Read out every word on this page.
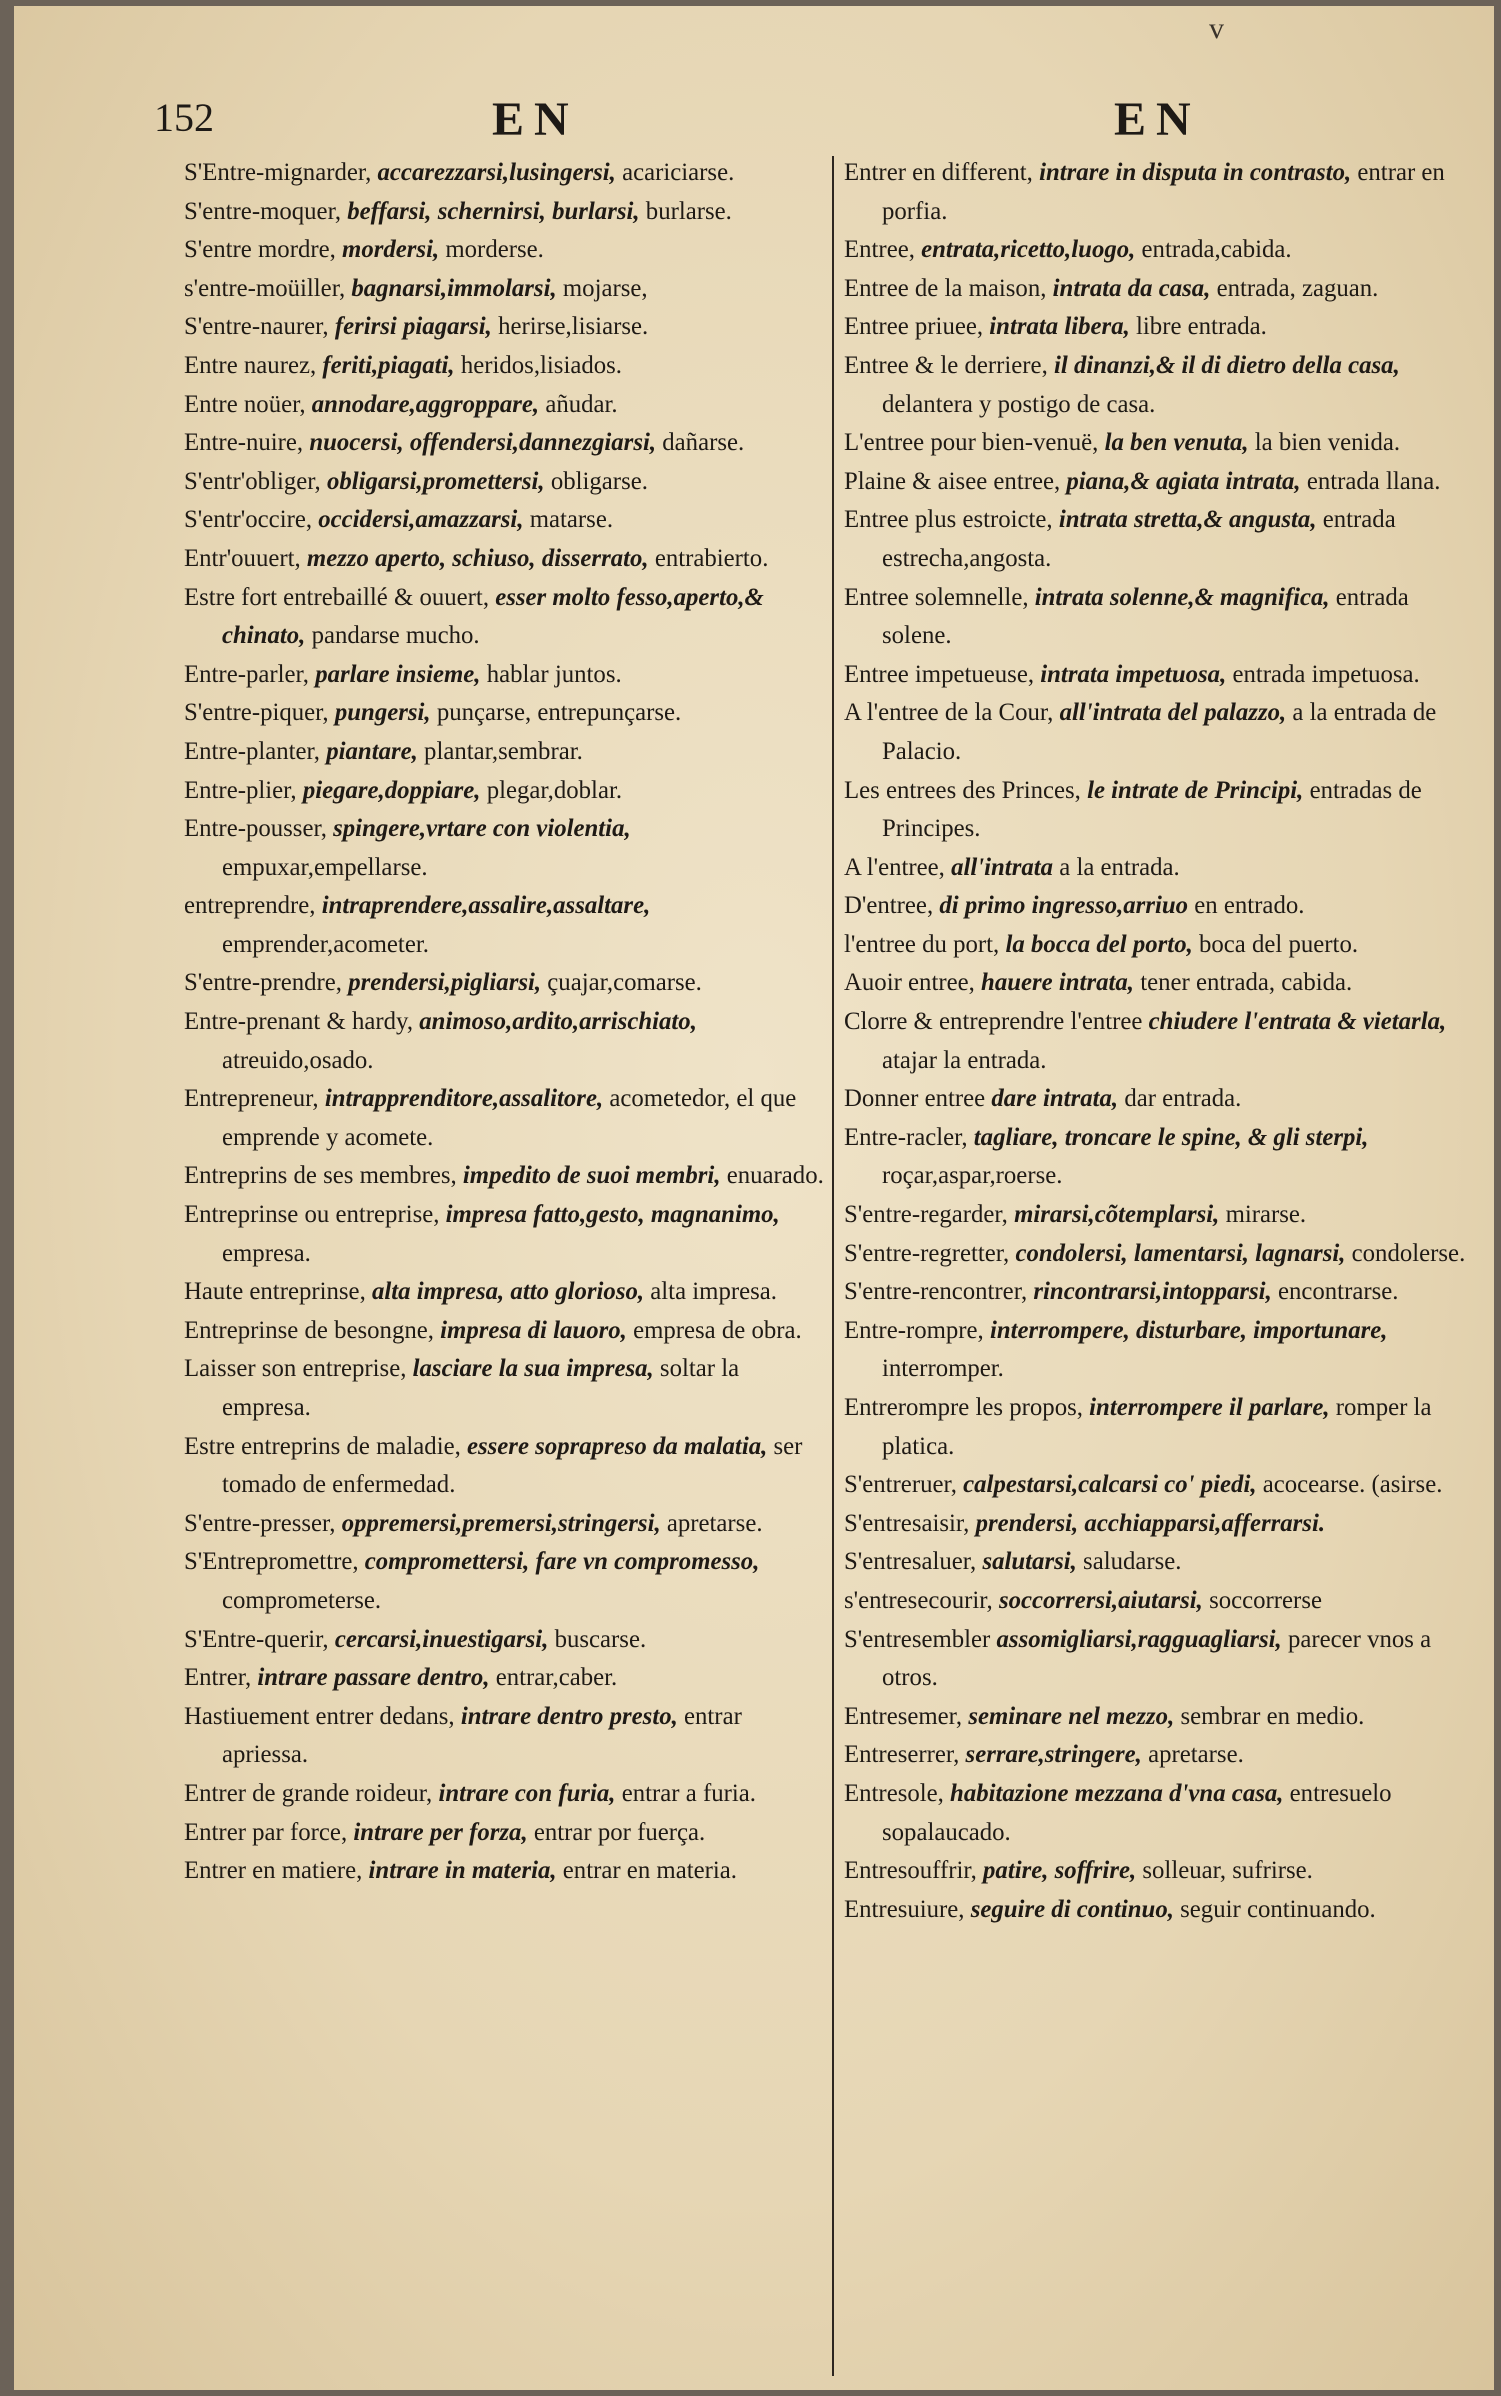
v
152	EN	EN
S'Entre-mignarder, accarezzarsi,lusingersi, acariciarse.
S'entre-moquer, beffarsi, schernirsi, burlarsi, burlarse.
S'entre mordre, mordersi, morderse.
s'entre-moüiller, bagnarsi,immolarsi, mojarse,
S'entre-naurer, ferirsi piagarsi, herirse,lisiarse.
Entre naurez, feriti,piagati, heridos,lisiados.
Entre noüer, annodare,aggroppare, añudar.
Entre-nuire, nuocersi, offendersi,dannezgiarsi, dañarse.
S'entr'obliger, obligarsi,promettersi, obligarse.
S'entr'occire, occidersi,amazzarsi, matarse.
Entr'ouuert, mezzo aperto, schiuso, disserrato, entrabierto.
Estre fort entrebaillé & ouuert, esser molto fesso,aperto,& chinato, pandarse mucho.
Entre-parler, parlare insieme, hablar juntos.
S'entre-piquer, pungersi, punçarse, entrepunçarse.
Entre-planter, piantare, plantar,sembrar.
Entre-plier, piegare,doppiare, plegar,doblar.
Entre-pousser, spingere,vrtare con violentia, empuxar,empellarse.
entreprendre, intraprendere,assalire,assaltare, emprender,acometer.
S'entre-prendre, prendersi,pigliarsi, çuajar,comarse.
Entre-prenant & hardy, animoso,ardito,arrischiato, atreuido,osado.
Entrepreneur, intrapprenditore,assalitore, acometedor, el que emprende y acomete.
Entreprins de ses membres, impedito de suoi membri, enuarado.
Entreprinse ou entreprise, impresa fatto,gesto, magnanimo, empresa.
Haute entreprinse, alta impresa, atto glorioso, alta impresa.
Entreprinse de besongne, impresa di lauoro, empresa de obra.
Laisser son entreprise, lasciare la sua impresa, soltar la empresa.
Estre entreprins de maladie, essere soprapreso da malatia, ser tomado de enfermedad.
S'entre-presser, oppremersi,premersi,stringersi, apretarse.
S'Entrepromettre, compromettersi, fare vn compromesso, comprometerse.
S'Entre-querir, cercarsi,inuestigarsi, buscarse.
Entrer, intrare passare dentro, entrar,caber.
Hastiuement entrer dedans, intrare dentro presto, entrar apriessa.
Entrer de grande roideur, intrare con furia, entrar a furia.
Entrer par force, intrare per forza, entrar por fuerça.
Entrer en matiere, intrare in materia, entrar en materia.
Entrer en different, intrare in disputa in contrasto, entrar en porfia.
Entree, entrata,ricetto,luogo, entrada,cabida.
Entree de la maison, intrata da casa, entrada, zaguan.
Entree priuee, intrata libera, libre entrada.
Entree & le derriere, il dinanzi,& il di dietro della casa, delantera y postigo de casa.
L'entree pour bien-venuë, la ben venuta, la bien venida.
Plaine & aisee entree, piana,& agiata intrata, entrada llana.
Entree plus estroicte, intrata stretta,& angusta, entrada estrecha,angosta.
Entree solemnelle, intrata solenne,& magnifica, entrada solene.
Entree impetueuse, intrata impetuosa, entrada impetuosa.
A l'entree de la Cour, all'intrata del palazzo, a la entrada de Palacio.
Les entrees des Princes, le intrate de Principi, entradas de Principes.
A l'entree, all'intrata a la entrada.
D'entree, di primo ingresso,arriuo en entrado.
l'entree du port, la bocca del porto, boca del puerto.
Auoir entree, hauere intrata, tener entrada, cabida.
Clorre & entreprendre l'entree chiudere l'entrata & vietarla, atajar la entrada.
Donner entree dare intrata, dar entrada.
Entre-racler, tagliare, troncare le spine, & gli sterpi, roçar,aspar,roerse.
S'entre-regarder, mirarsi,cõtemplarsi, mirarse.
S'entre-regretter, condolersi, lamentarsi, lagnarsi, condolerse.
S'entre-rencontrer, rincontrarsi,intopparsi, encontrarse.
Entre-rompre, interrompere, disturbare, importunare, interromper.
Entrerompre les propos, interrompere il parlare, romper la platica.
S'entreruer, calpestarsi,calcarsi co' piedi, acocearse. (asirse.
S'entresaisir, prendersi, acchiapparsi,afferrarsi.
S'entresaluer, salutarsi, saludarse.
s'entresecourir, soccorrersi,aiutarsi, soccorrerse
S'entresembler assomigliarsi,ragguagliarsi, parecer vnos a otros.
Entresemer, seminare nel mezzo, sembrar en medio.
Entreserrer, serrare,stringere, apretarse.
Entresole, habitazione mezzana d'vna casa, entresuelo sopalaucado.
Entresouffrir, patire, soffrire, solleuar, sufrirse.
Entresuiure, seguire di continuo, seguir continuando.
